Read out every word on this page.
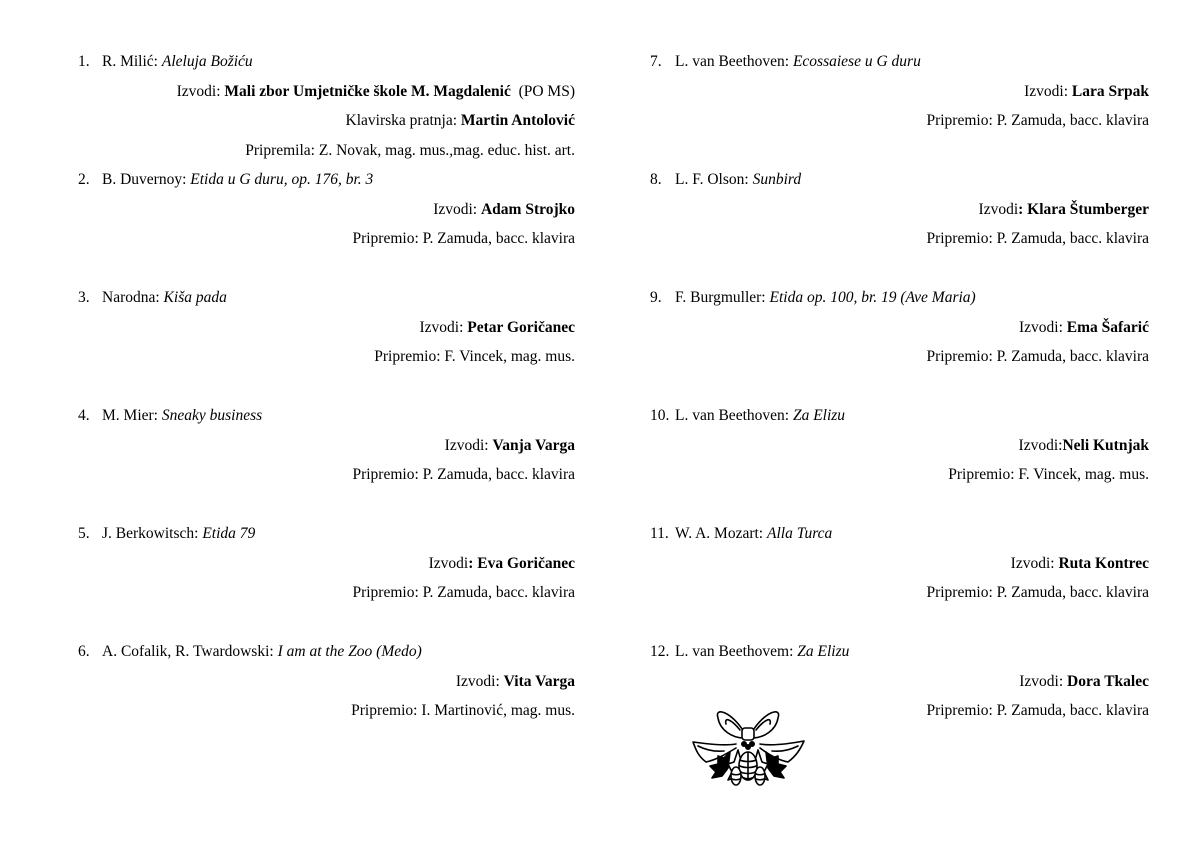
1. R. Milić: Aleluja Božiću
Izvodi: Mali zbor Umjetničke škole M. Magdalenić  (PO MS)
Klavirska pratnja: Martin Antolović
Pripremila: Z. Novak, mag. mus.,mag. educ. hist. art.
2. B. Duvernoy: Etida u G duru, op. 176, br. 3
Izvodi: Adam Strojko
Pripremio: P. Zamuda, bacc. klavira
3. Narodna: Kiša pada
Izvodi: Petar Goričanec
Pripremio: F. Vincek, mag. mus.
4. M. Mier: Sneaky business
Izvodi: Vanja Varga
Pripremio: P. Zamuda, bacc. klavira
5. J. Berkowitsch: Etida 79
Izvodi: Eva Goričanec
Pripremio: P. Zamuda, bacc. klavira
6. A. Cofalik, R. Twardowski: I am at the Zoo (Medo)
Izvodi: Vita Varga
Pripremio: I. Martinović, mag. mus.
7. L. van Beethoven: Ecossaiese u G duru
Izvodi: Lara Srpak
Pripremio: P. Zamuda, bacc. klavira
8. L. F. Olson: Sunbird
Izvodi: Klara Štumberger
Pripremio: P. Zamuda, bacc. klavira
9. F. Burgmuller: Etida op. 100, br. 19 (Ave Maria)
Izvodi: Ema Šafarić
Pripremio: P. Zamuda, bacc. klavira
10. L. van Beethoven: Za Elizu
Izvodi:Neli Kutnjak
Pripremio: F. Vincek, mag. mus.
11. W. A. Mozart: Alla Turca
Izvodi: Ruta Kontrec
Pripremio: P. Zamuda, bacc. klavira
12. L. van Beethovem: Za Elizu
Izvodi: Dora Tkalec
Pripremio: P. Zamuda, bacc. klavira
